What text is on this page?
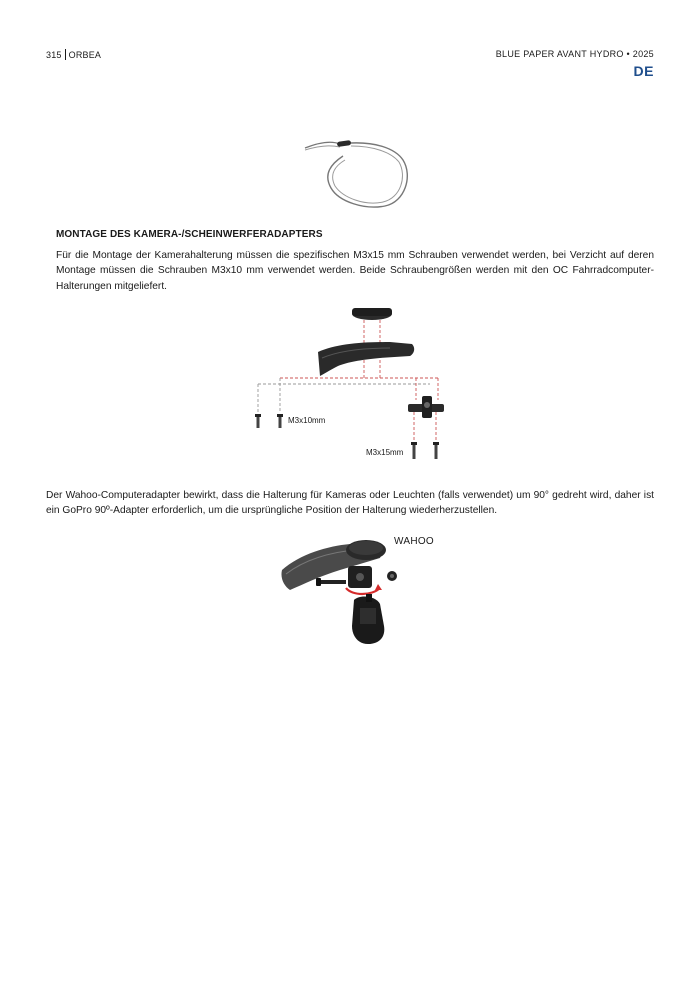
315 ORBEA	BLUE PAPER AVANT HYDRO • 2025
DE
MONTAGE DES KAMERA-/SCHEINWERFERADAPTERS
Für die Montage der Kamerahalterung müssen die spezifischen M3x15 mm Schrauben verwendet werden, bei Verzicht auf deren Montage müssen die Schrauben M3x10 mm verwendet werden. Beide Schraubengrößen werden mit den OC Fahrradcomputer-Halterungen mitgeliefert.
M3x10mm
M3x15mm
Der Wahoo-Computeradapter bewirkt, dass die Halterung für Kameras oder Leuchten (falls verwendet) um 90° gedreht wird, daher ist ein GoPro 90º-Adapter erforderlich, um die ursprüngliche Position der Halterung wiederherzustellen.
WAHOO
